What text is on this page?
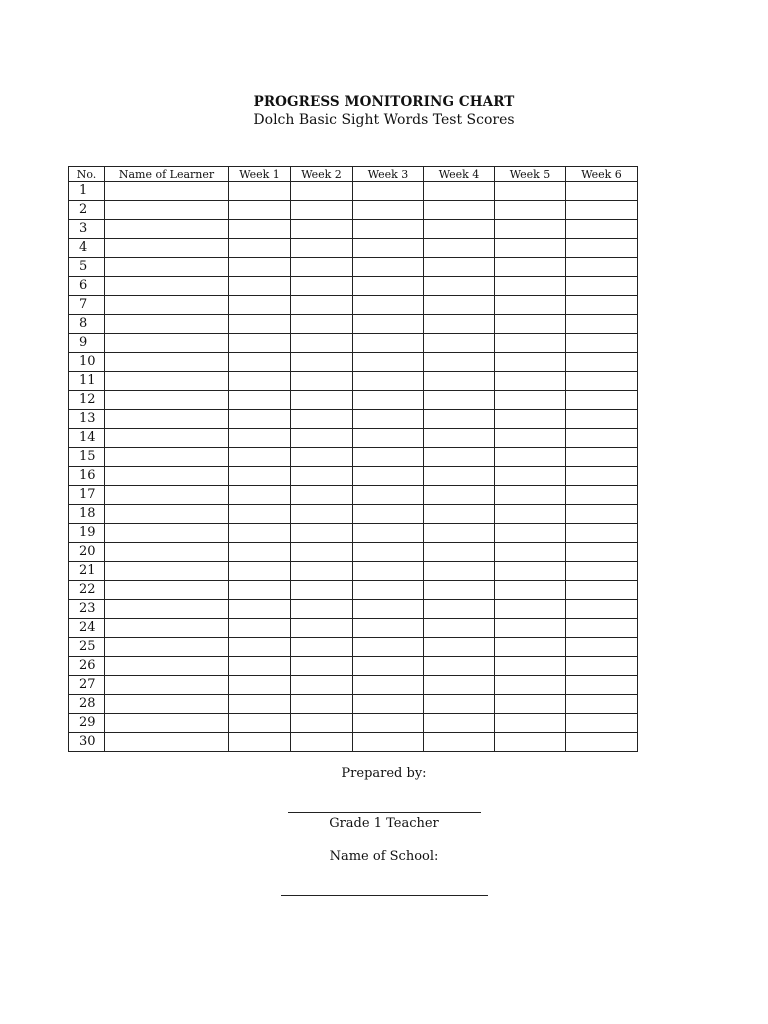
PROGRESS MONITORING CHART
Dolch Basic Sight Words Test Scores
No.	Name of Learner	Week 1	Week 2	Week 3	Week 4	Week 5	Week 6
1							
2							
3							
4							
5							
6							
7							
8							
9							
10							
11							
12							
13							
14							
15							
16							
17							
18							
19							
20							
21							
22							
23							
24							
25							
26							
27							
28							
29							
30							
Prepared by:
Grade 1 Teacher
Name of School:
